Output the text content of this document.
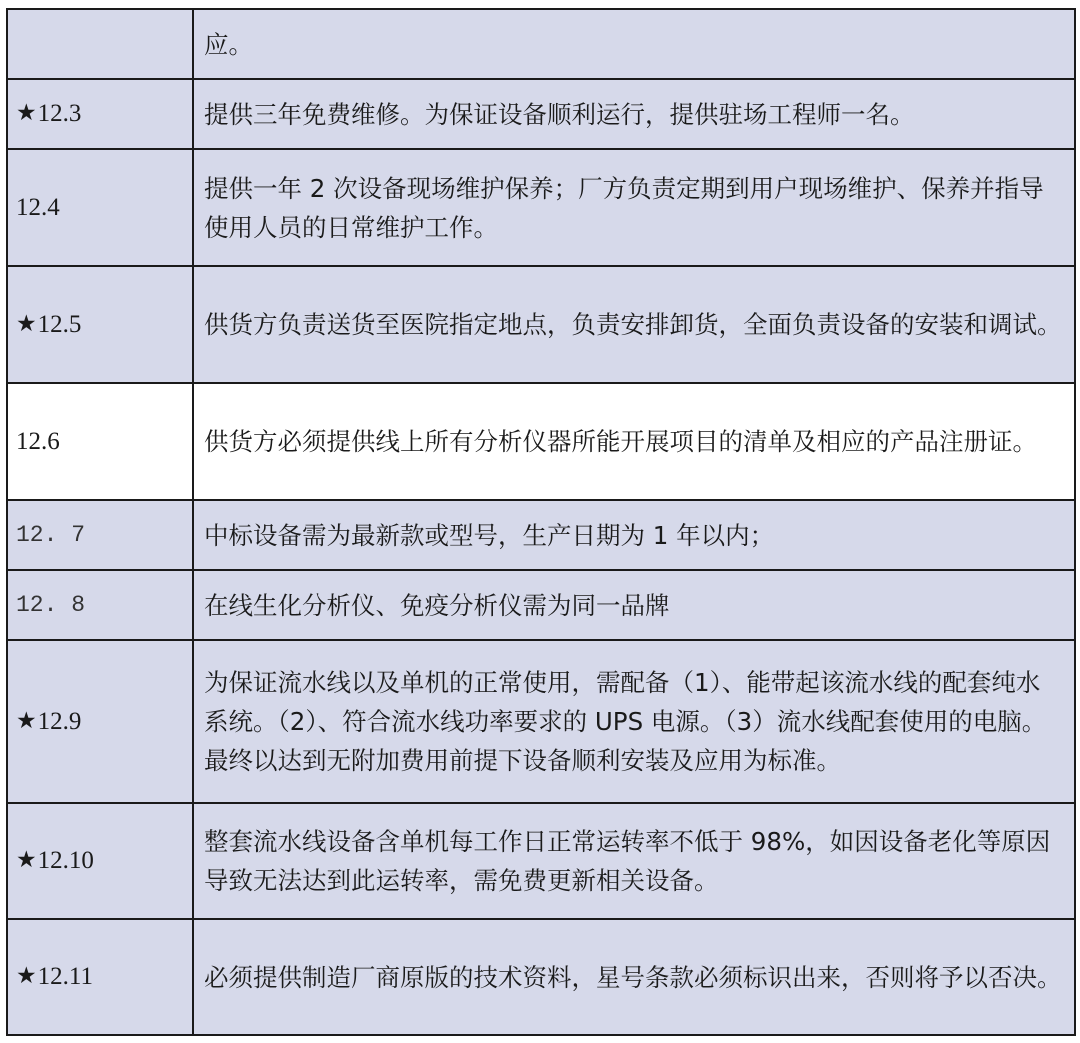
	应。
★12.3	提供三年免费维修。为保证设备顺利运行，提供驻场工程师一名。
12.4	提供一年 2 次设备现场维护保养；厂方负责定期到用户现场维护、保养并指导使用人员的日常维护工作。
★12.5	供货方负责送货至医院指定地点，负责安排卸货，全面负责设备的安装和调试。
12.6	供货方必须提供线上所有分析仪器所能开展项目的清单及相应的产品注册证。
12. 7	中标设备需为最新款或型号，生产日期为 1 年以内；
12. 8	在线生化分析仪、免疫分析仪需为同一品牌
★12.9	为保证流水线以及单机的正常使用，需配备（1）、能带起该流水线的配套纯水系统。（2）、符合流水线功率要求的 UPS 电源。（3）流水线配套使用的电脑。最终以达到无附加费用前提下设备顺利安装及应用为标准。
★12.10	整套流水线设备含单机每工作日正常运转率不低于 98%，如因设备老化等原因导致无法达到此运转率，需免费更新相关设备。
★12.11	必须提供制造厂商原版的技术资料，星号条款必须标识出来，否则将予以否决。
